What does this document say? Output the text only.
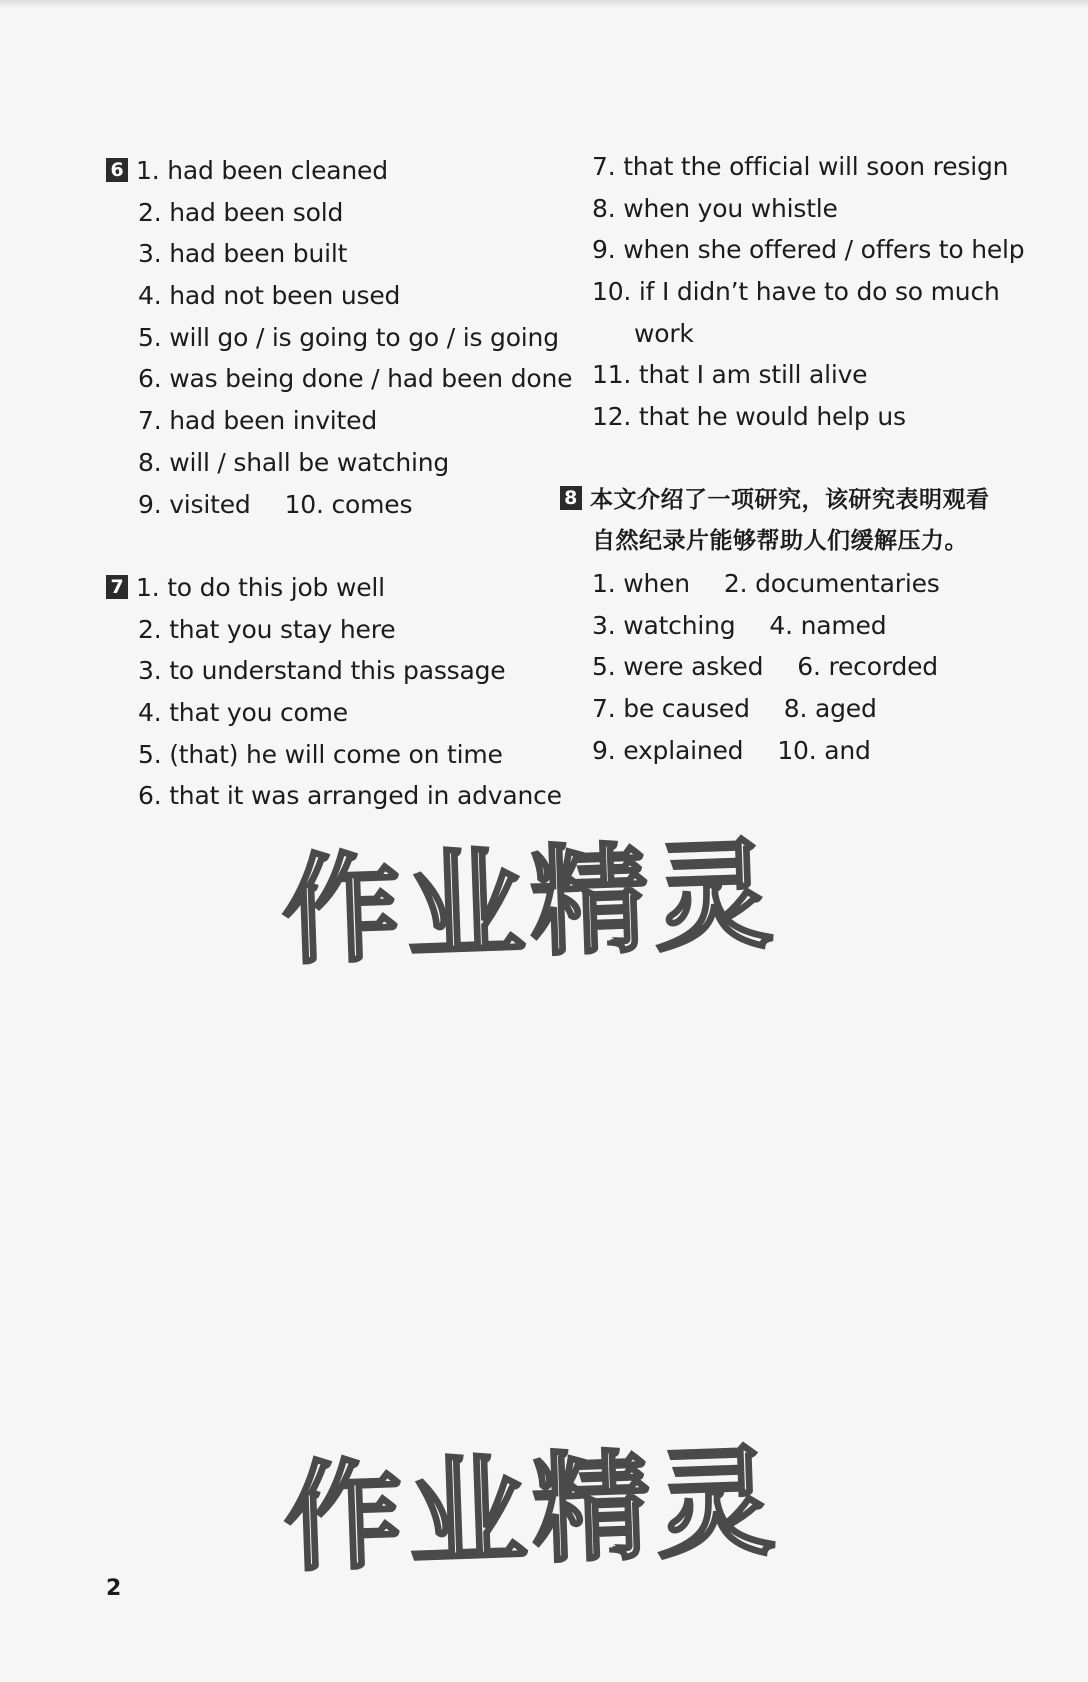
6 1. had been cleaned
2. had been sold
3. had been built
4. had not been used
5. will go / is going to go / is going
6. was being done / had been done
7. had been invited
8. will / shall be watching
9. visited 10. comes
7 1. to do this job well
2. that you stay here
3. to understand this passage
4. that you come
5. (that) he will come on time
6. that it was arranged in advance
7. that the official will soon resign
8. when you whistle
9. when she offered / offers to help
10. if I didn’t have to do so much
work
11. that I am still alive
12. that he would help us
8 本文介绍了一项研究，该研究表明观看
自然纪录片能够帮助人们缓解压力。
1. when 2. documentaries
3. watching 4. named
5. were asked 6. recorded
7. be caused 8. aged
9. explained 10. and
作业精灵
作业精灵
2
